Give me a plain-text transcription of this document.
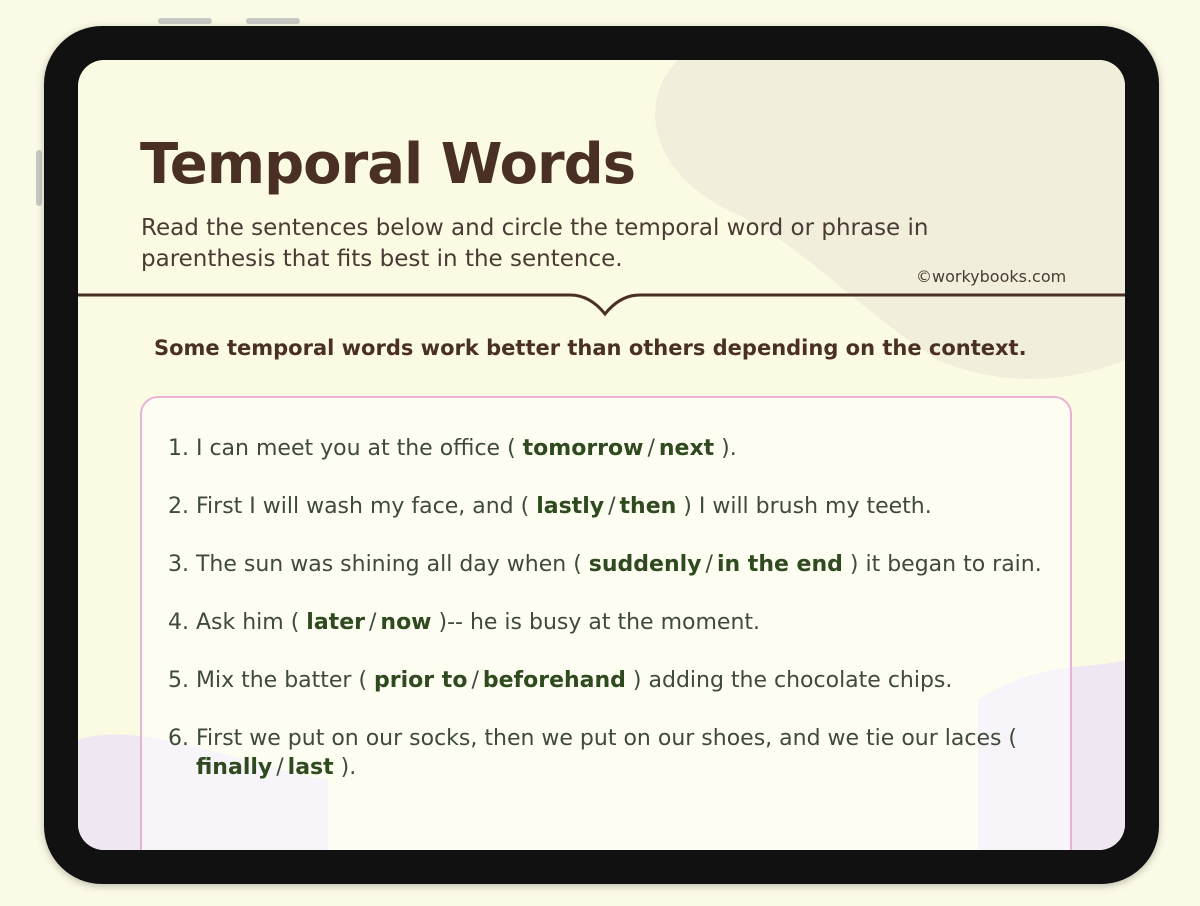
Temporal Words

Read the sentences below and circle the temporal word or phrase in parenthesis that fits best in the sentence.

©workybooks.com

Some temporal words work better than others depending on the context.

1. I can meet you at the office ( tomorrow / next ).
2. First I will wash my face, and ( lastly / then ) I will brush my teeth.
3. The sun was shining all day when ( suddenly / in the end ) it began to rain.
4. Ask him ( later / now )-- he is busy at the moment.
5. Mix the batter ( prior to / beforehand ) adding the chocolate chips.
6. First we put on our socks, then we put on our shoes, and we tie our laces ( finally / last ).
